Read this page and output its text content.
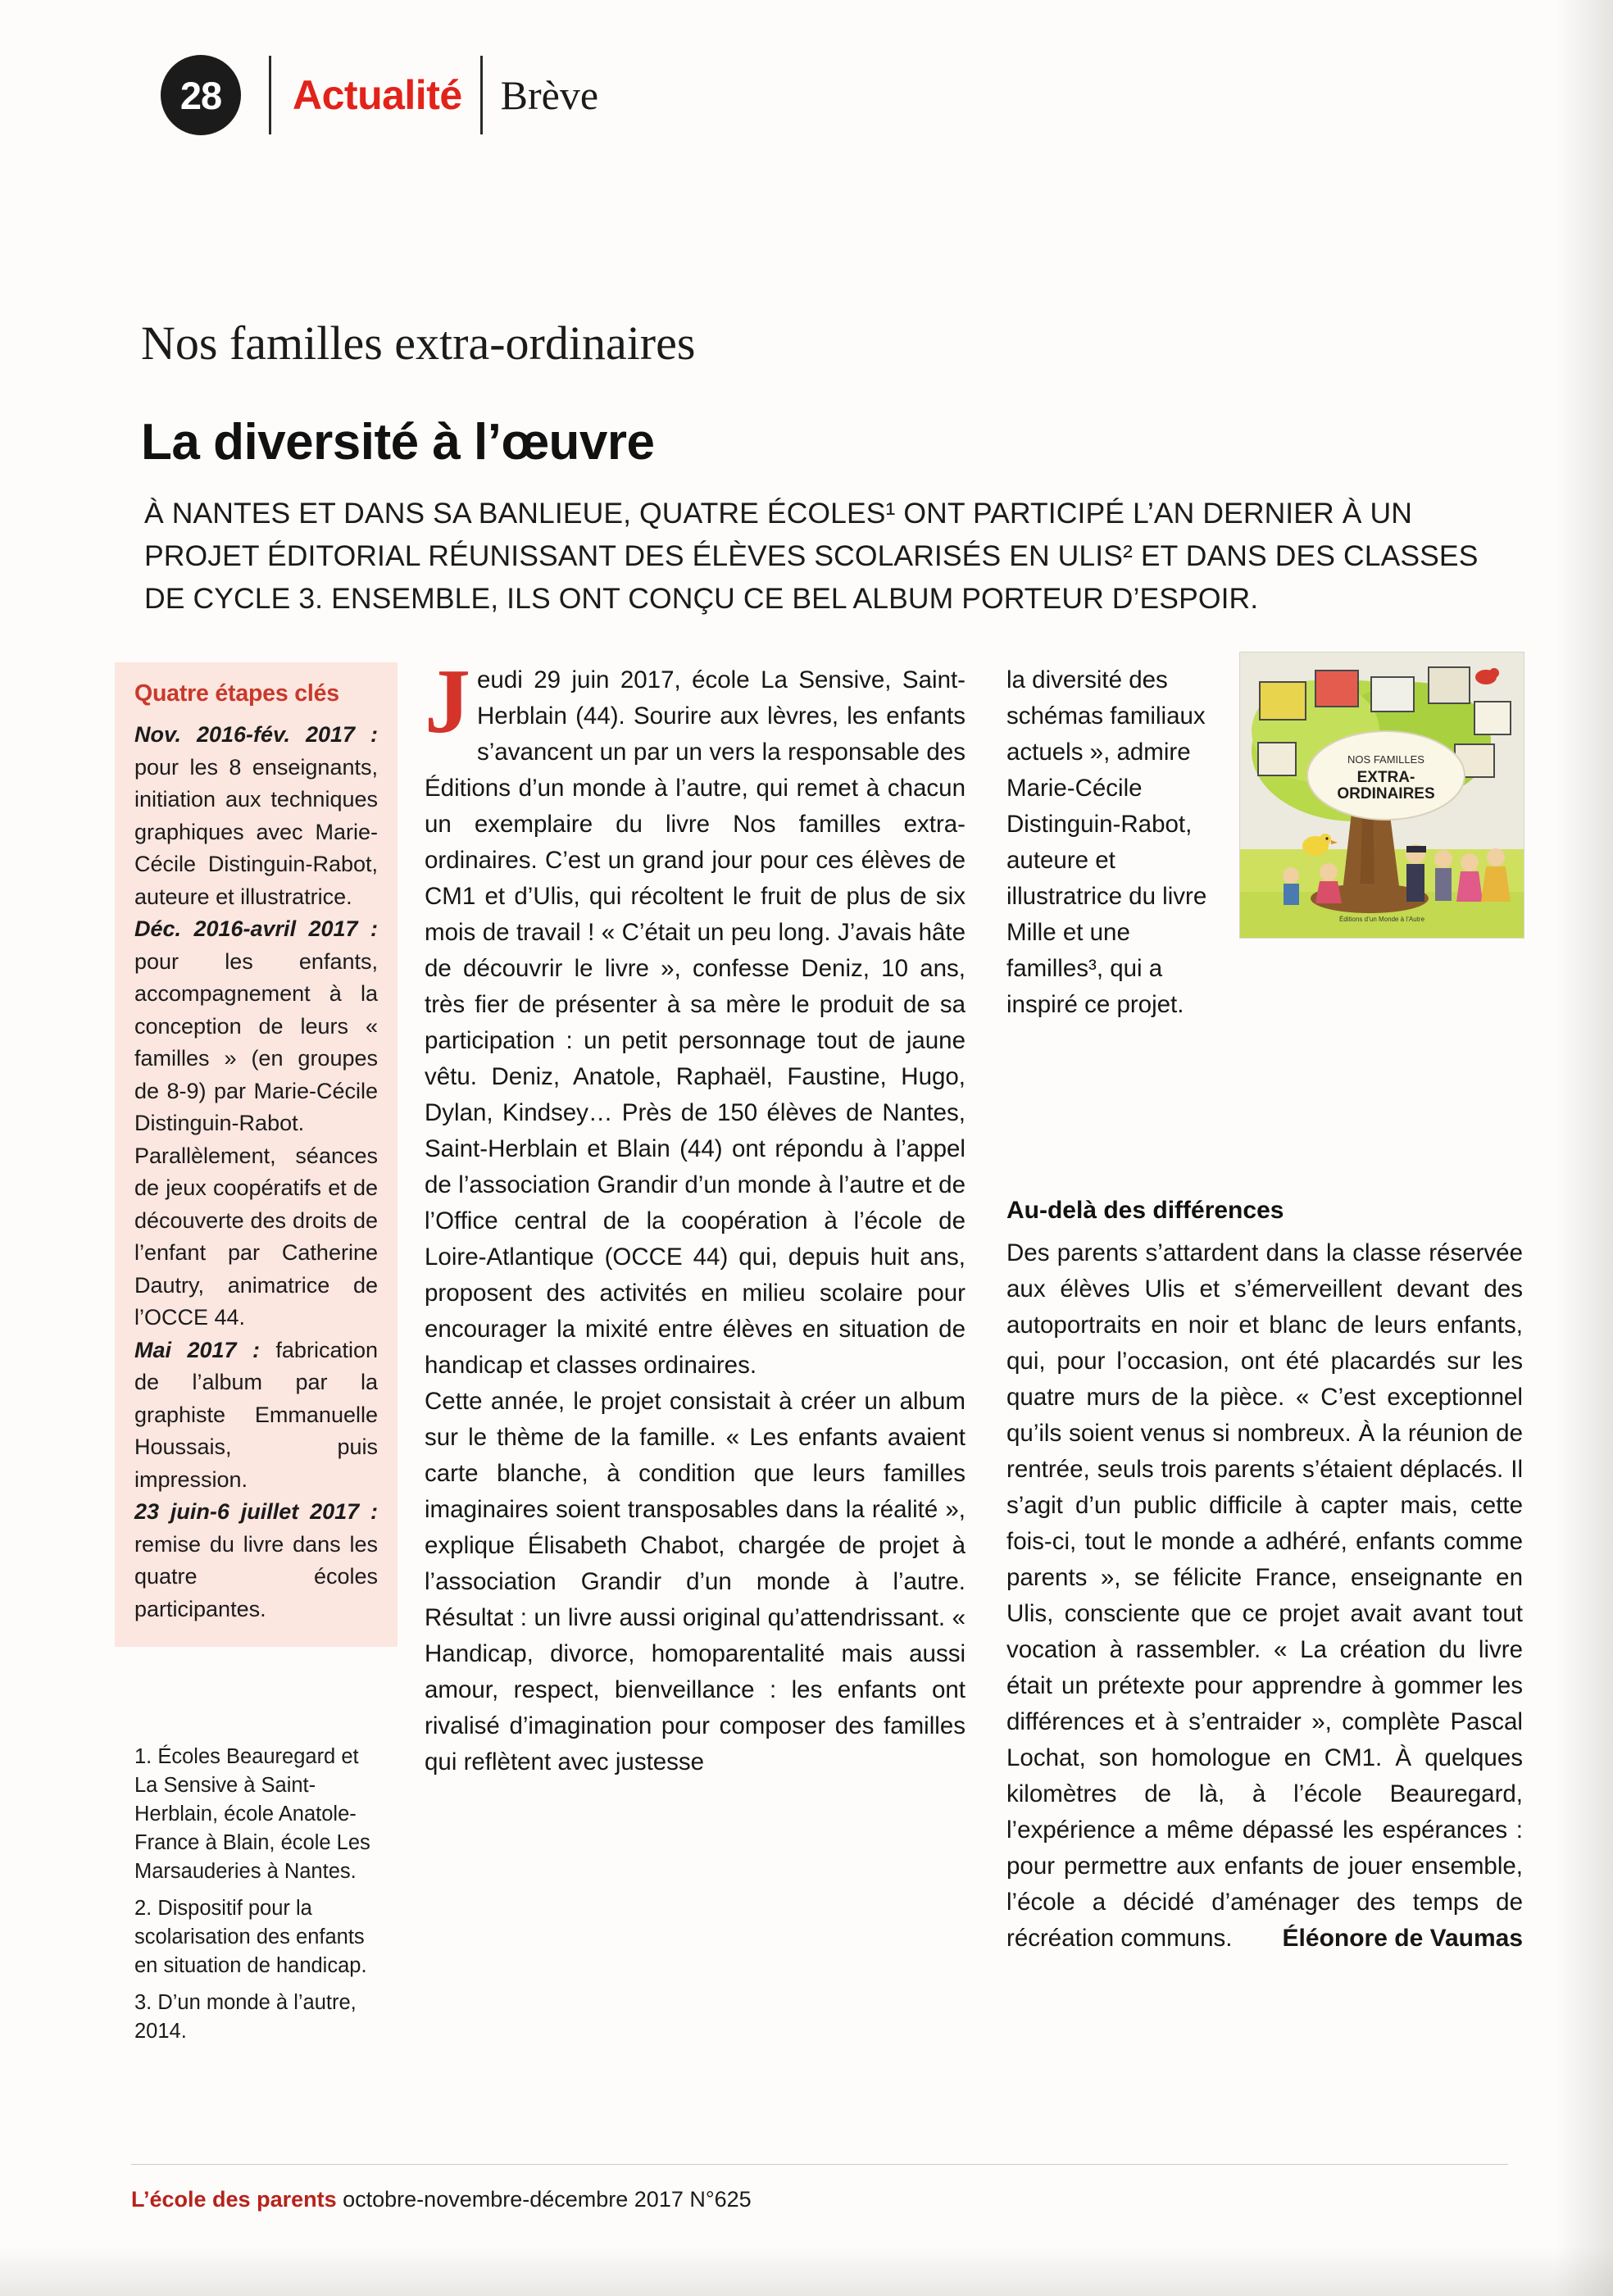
28	Actualité Brève
Nos familles extra-ordinaires
La diversité à l’œuvre
À NANTES ET DANS SA BANLIEUE, QUATRE ÉCOLES¹ ONT PARTICIPÉ L’AN DERNIER À UN PROJET ÉDITORIAL RÉUNISSANT DES ÉLÈVES SCOLARISÉS EN ULIS² ET DANS DES CLASSES DE CYCLE 3. ENSEMBLE, ILS ONT CONÇU CE BEL ALBUM PORTEUR D’ESPOIR.
Quatre étapes clés

Nov. 2016-fév. 2017 : pour les 8 enseignants, initiation aux techniques graphiques avec Marie-Cécile Distinguin-Rabot, auteure et illustratrice.

Déc. 2016-avril 2017 : pour les enfants, accompagnement à la conception de leurs « familles » (en groupes de 8-9) par Marie-Cécile Distinguin-Rabot. Parallèlement, séances de jeux coopératifs et de découverte des droits de l’enfant par Catherine Dautry, animatrice de l’OCCE 44.

Mai 2017 : fabrication de l’album par la graphiste Emmanuelle Houssais, puis impression.

23 juin-6 juillet 2017 : remise du livre dans les quatre écoles participantes.

1. Écoles Beauregard et La Sensive à Saint-Herblain, école Anatole-France à Blain, école Les Marsauderies à Nantes.

2. Dispositif pour la scolarisation des enfants en situation de handicap.

3. D’un monde à l’autre, 2014.

Jeudi 29 juin 2017, école La Sensive, Saint-Herblain (44). Sourire aux lèvres, les enfants s’avancent un par un vers la responsable des Éditions d’un monde à l’autre, qui remet à chacun un exemplaire du livre Nos familles extra-ordinaires. C’est un grand jour pour ces élèves de CM1 et d’Ulis, qui récoltent le fruit de plus de six mois de travail ! « C’était un peu long. J’avais hâte de découvrir le livre », confesse Deniz, 10 ans, très fier de présenter à sa mère le produit de sa participation : un petit personnage tout de jaune vêtu. Deniz, Anatole, Raphaël, Faustine, Hugo, Dylan, Kindsey… Près de 150 élèves de Nantes, Saint-Herblain et Blain (44) ont répondu à l’appel de l’association Grandir d’un monde à l’autre et de l’Office central de la coopération à l’école de Loire-Atlantique (OCCE 44) qui, depuis huit ans, proposent des activités en milieu scolaire pour encourager la mixité entre élèves en situation de handicap et classes ordinaires.

Cette année, le projet consistait à créer un album sur le thème de la famille. « Les enfants avaient carte blanche, à condition que leurs familles imaginaires soient transposables dans la réalité », explique Élisabeth Chabot, chargée de projet à l’association Grandir d’un monde à l’autre. Résultat : un livre aussi original qu’attendrissant. « Handicap, divorce, homoparentalité mais aussi amour, respect, bienveillance : les enfants ont rivalisé d’imagination pour composer des familles qui reflètent avec justesse

la diversité des schémas familiaux actuels », admire Marie-Cécile Distinguin-Rabot, auteure et illustratrice du livre Mille et une familles³, qui a inspiré ce projet.
NOS FAMILLES
EXTRA-
ORDINAIRES
Éditions d’un Monde à l’Autre
Au-delà des différences

Des parents s’attardent dans la classe réservée aux élèves Ulis et s’émerveillent devant des autoportraits en noir et blanc de leurs enfants, qui, pour l’occasion, ont été placardés sur les quatre murs de la pièce. « C’est exceptionnel qu’ils soient venus si nombreux. À la réunion de rentrée, seuls trois parents s’étaient déplacés. Il s’agit d’un public difficile à capter mais, cette fois-ci, tout le monde a adhéré, enfants comme parents », se félicite France, enseignante en Ulis, consciente que ce projet avait avant tout vocation à rassembler. « La création du livre était un prétexte pour apprendre à gommer les différences et à s’entraider », complète Pascal Lochat, son homologue en CM1. À quelques kilomètres de là, à l’école Beauregard, l’expérience a même dépassé les espérances : pour permettre aux enfants de jouer ensemble, l’école a décidé d’aménager des temps de récréation communs. Éléonore de Vaumas

L’école des parents octobre-novembre-décembre 2017 N°625
